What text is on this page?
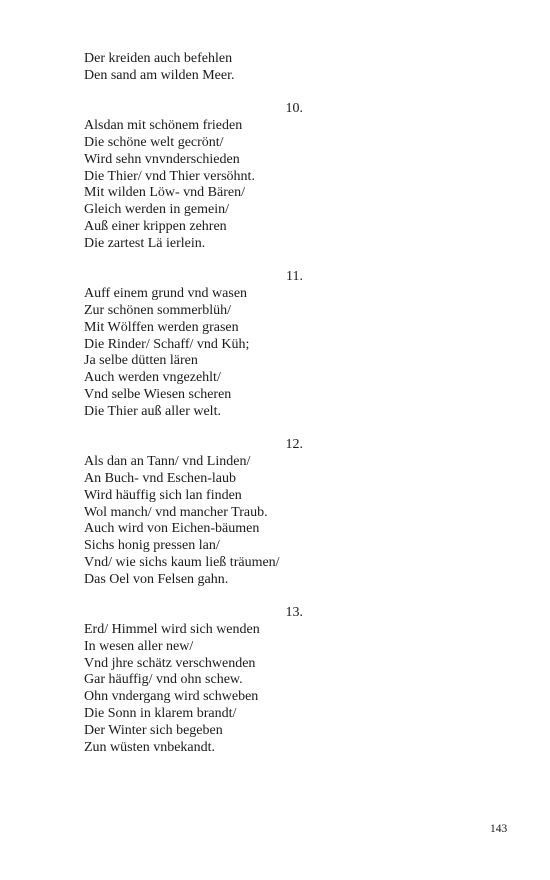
Der kreiden auch befehlen
Den sand am wilden Meer.
10.
Alsdan mit schönem frieden
Die schöne welt gecrönt/
Wird sehn vnvnderschieden
Die Thier/ vnd Thier versöhnt.
Mit wilden Löw- vnd Bären/
Gleich werden in gemein/
Auß einer krippen zehren
Die zartest Lä ierlein.
11.
Auff einem grund vnd wasen
Zur schönen sommerblüh/
Mit Wölffen werden grasen
Die Rinder/ Schaff/ vnd Küh;
Ja selbe dütten lären
Auch werden vngezehlt/
Vnd selbe Wiesen scheren
Die Thier auß aller welt.
12.
Als dan an Tann/ vnd Linden/
An Buch- vnd Eschen-laub
Wird häuffig sich lan finden
Wol manch/ vnd mancher Traub.
Auch wird von Eichen-bäumen
Sichs honig pressen lan/
Vnd/ wie sichs kaum ließ träumen/
Das Oel von Felsen gahn.
13.
Erd/ Himmel wird sich wenden
In wesen aller new/
Vnd jhre schätz verschwenden
Gar häuffig/ vnd ohn schew.
Ohn vndergang wird schweben
Die Sonn in klarem brandt/
Der Winter sich begeben
Zun wüsten vnbekandt.
143
